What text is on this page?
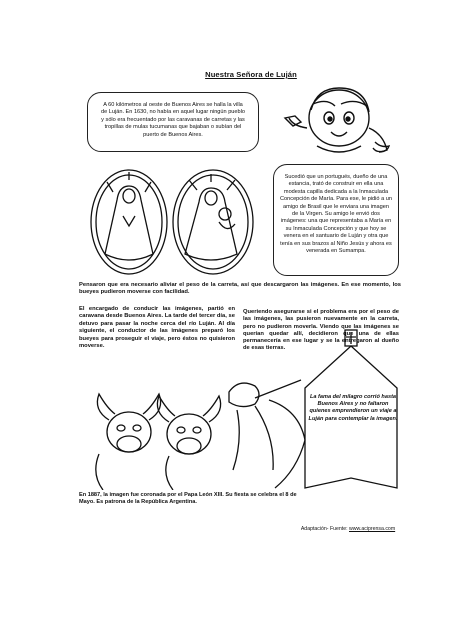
Nuestra Señora de Luján
A 60 kilómetros al oeste de Buenos Aires se halla la villa de Luján. En 1630, no había en aquel lugar ningún pueblo y sólo era frecuentado por las caravanas de carretas y las tropillas de mulas tucumanas que bajaban o subían del puerto de Buenos Aires.
Sucedió que un portugués, dueño de una estancia, trató de construir en ella una modesta capilla dedicada a la Inmaculada Concepción de María. Para ese, le pidió a un amigo de Brasil que le enviara una imagen de la Virgen. Su amigo le envió dos imágenes: una que representaba a María en su Inmaculada Concepción y que hoy se venera en el santuario de Luján y otra que tenía en sus brazos al Niño Jesús y ahora es venerada en Sumampa.
Pensaron que era necesario aliviar el peso de la carreta, así que descargaron las imágenes. En ese momento, los bueyes pudieron moverse con facilidad.
El encargado de conducir las imágenes, partió en caravana desde Buenos Aires. La tarde del tercer día, se detuvo para pasar la noche cerca del río Luján. Al día siguiente, el conductor de las imágenes preparó los bueyes para proseguir el viaje, pero éstos no quisieron moverse.
Queriendo asegurarse si el problema era por el peso de las imágenes, las pusieron nuevamente en la carreta, pero no pudieron moverla. Viendo que las imágenes se querían quedar allí, decidieron que una de ellas permanecería en ese lugar y se la entregaron al dueño de esas tierras.
La fama del milagro corrió hasta Buenos Aires y no faltaron quienes emprendieron un viaje a Luján para contemplar la imagen.
En 1887, la imagen fue coronada por el Papa León XIII. Su fiesta se celebra el 8 de Mayo. Es patrona de la República Argentina.
Adaptación- Fuente: www.aciprensa.com
